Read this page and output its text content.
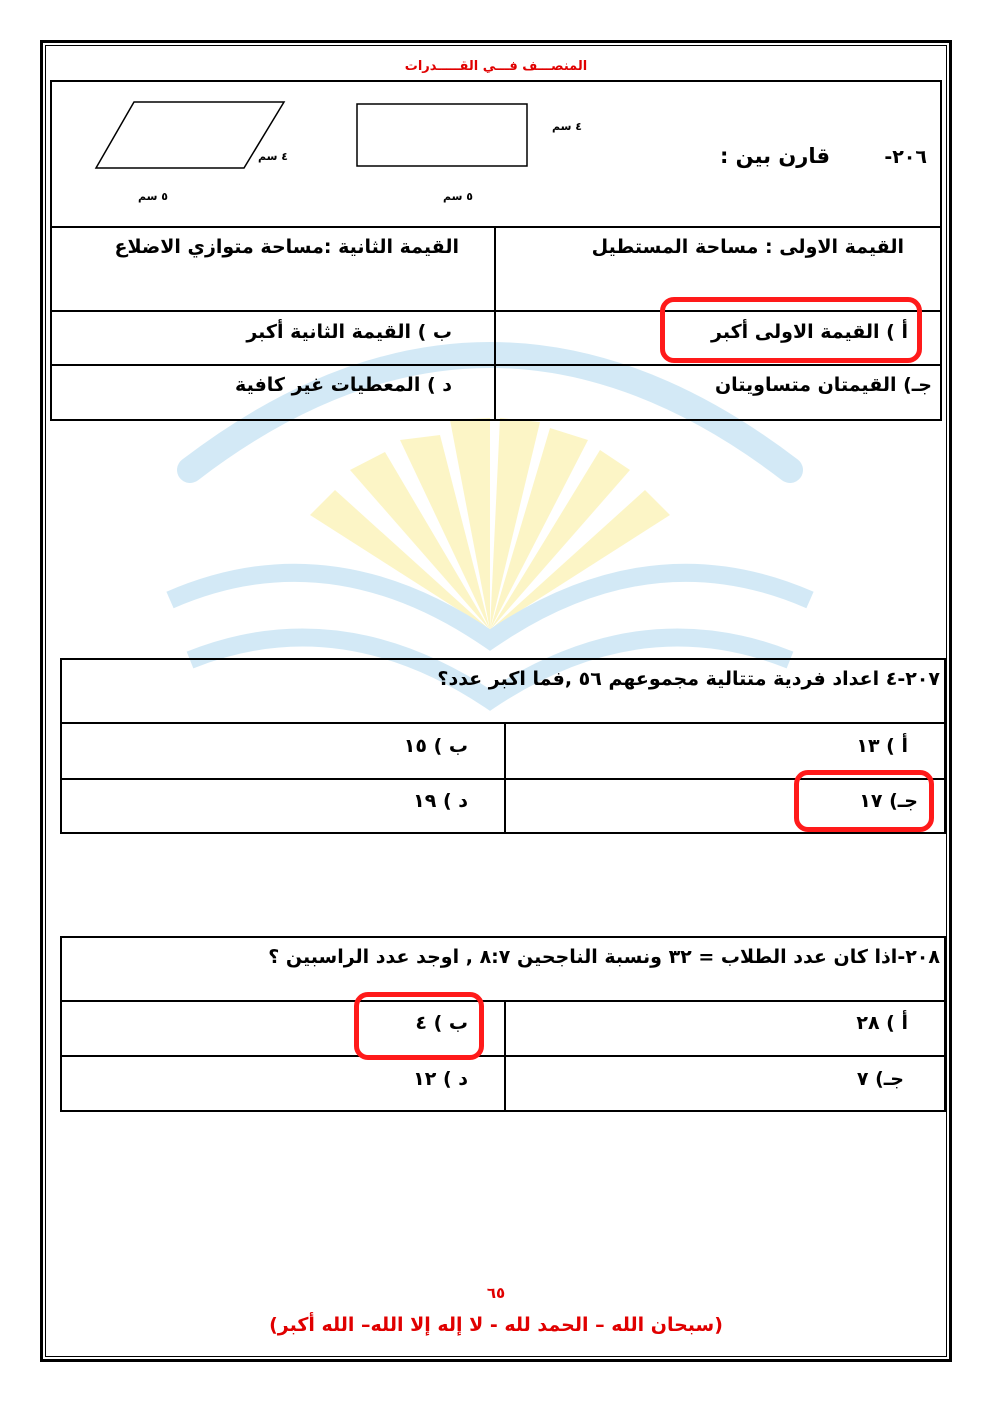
المنصـــف فـــي القـــــدرات
٢٠٦-
قارن بين :
٤ سم
٥ سم
٤ سم
٥ سم
القيمة الاولى : مساحة المستطيل
القيمة الثانية :مساحة متوازي الاضلاع
أ ) القيمة الاولى أكبر
ب ) القيمة الثانية أكبر
جـ) القيمتان متساويتان
د ) المعطيات غير كافية
٢٠٧-٤ اعداد فردية متتالية مجموعهم ٥٦ ,فما اكبر عدد؟
أ ) ١٣
ب ) ١٥
جـ) ١٧
د ) ١٩
٢٠٨-اذا كان عدد الطلاب = ٣٢ ونسبة الناجحين ٨:٧ , اوجد عدد الراسبين ؟
أ ) ٢٨
ب ) ٤
جـ) ٧
د ) ١٢
٦٥
(سبحان الله – الحمد لله - لا إله إلا الله– الله أكبر)
